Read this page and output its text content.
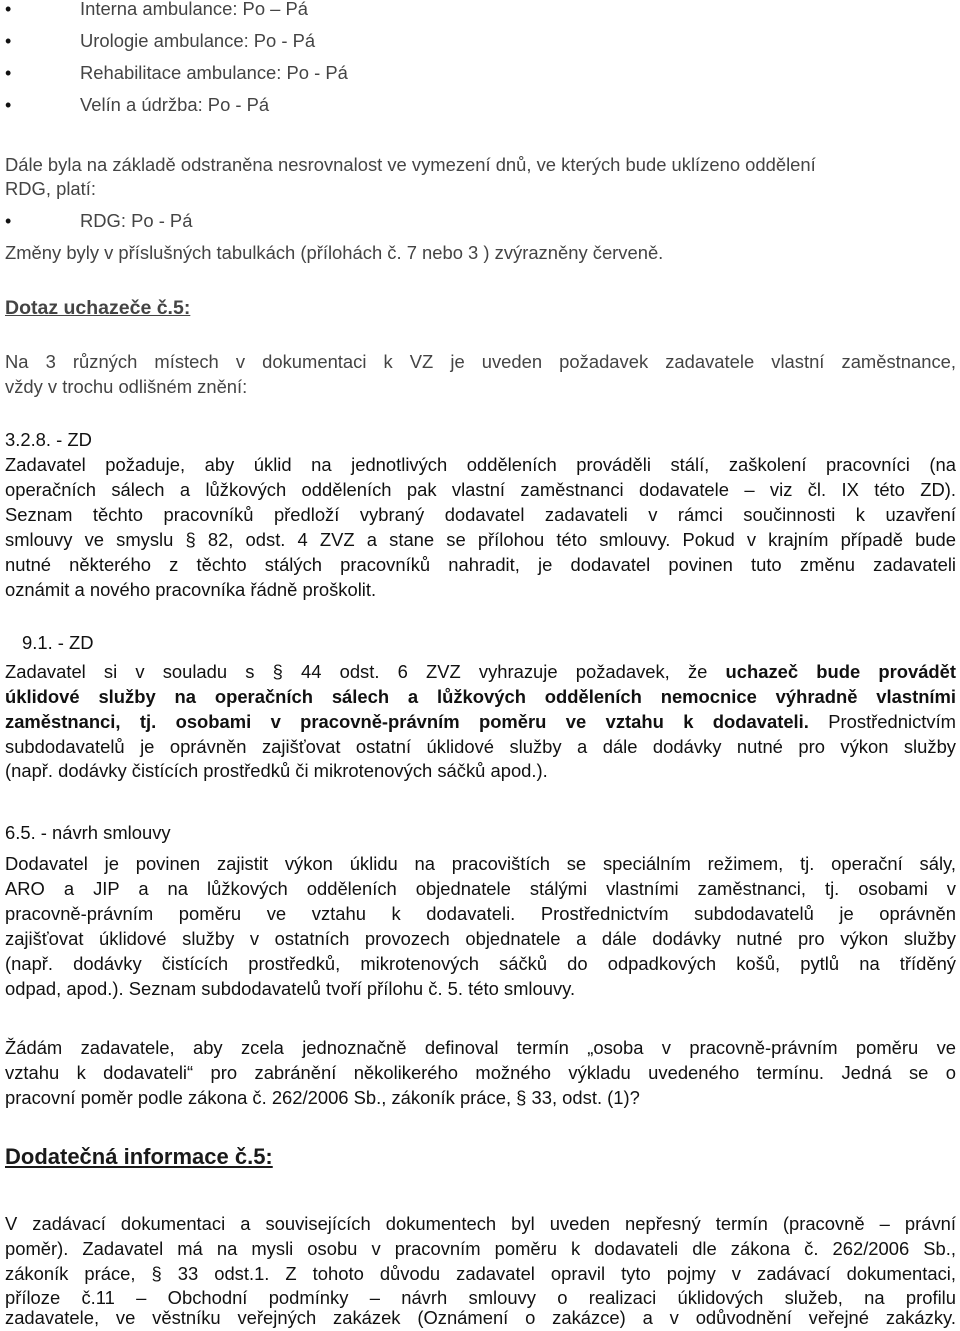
•	Interna ambulance: Po – Pá
•	Urologie ambulance: Po - Pá
•	Rehabilitace ambulance: Po - Pá
•	Velín a údržba: Po - Pá
Dále byla na základě odstraněna nesrovnalost ve vymezení dnů, ve kterých bude uklízeno oddělení
RDG, platí:
•	RDG: Po - Pá
Změny byly v příslušných tabulkách (přílohách č. 7 nebo 3 ) zvýrazněny červeně.
Dotaz uchazeče č.5:
Na 3 různých místech v dokumentaci k VZ je uveden požadavek zadavatele vlastní zaměstnance,
vždy v trochu odlišném znění:
3.2.8. - ZD
Zadavatel požaduje, aby úklid na jednotlivých odděleních prováděli stálí, zaškolení pracovníci (na
operačních sálech a lůžkových odděleních pak vlastní zaměstnanci dodavatele – viz čl. IX této ZD).
Seznam těchto pracovníků předloží vybraný dodavatel zadavateli v rámci součinnosti k uzavření
smlouvy ve smyslu § 82, odst. 4 ZVZ a stane se přílohou této smlouvy. Pokud v krajním případě bude
nutné některého z těchto stálých pracovníků nahradit, je dodavatel povinen tuto změnu zadavateli
oznámit a nového pracovníka řádně proškolit.
9.1. - ZD
Zadavatel si v souladu s § 44 odst. 6 ZVZ vyhrazuje požadavek, že uchazeč bude provádět
úklidové služby na operačních sálech a lůžkových odděleních nemocnice výhradně vlastními
zaměstnanci, tj. osobami v pracovně-právním poměru ve vztahu k dodavateli. Prostřednictvím
subdodavatelů je oprávněn zajišťovat ostatní úklidové služby a dále dodávky nutné pro výkon služby
(např. dodávky čistících prostředků či mikrotenových sáčků apod.).
6.5. - návrh smlouvy
Dodavatel je povinen zajistit výkon úklidu na pracovištích se speciálním režimem, tj. operační sály,
ARO a JIP a na lůžkových odděleních objednatele stálými vlastními zaměstnanci, tj. osobami v
pracovně-právním poměru ve vztahu k dodavateli. Prostřednictvím subdodavatelů je oprávněn
zajišťovat úklidové služby v ostatních provozech objednatele a dále dodávky nutné pro výkon služby
(např. dodávky čistících prostředků, mikrotenových sáčků do odpadkových košů, pytlů na tříděný
odpad, apod.). Seznam subdodavatelů tvoří přílohu č. 5. této smlouvy.
Žádám zadavatele, aby zcela jednoznačně definoval termín „osoba v pracovně-právním poměru ve
vztahu k dodavateli“ pro zabránění několikerého možného výkladu uvedeného termínu. Jedná se o
pracovní poměr podle zákona č. 262/2006 Sb., zákoník práce, § 33, odst. (1)?
Dodatečná informace č.5:
V zadávací dokumentaci a souvisejících dokumentech byl uveden nepřesný termín (pracovně – právní
poměr). Zadavatel má na mysli osobu v pracovním poměru k dodavateli dle zákona č. 262/2006 Sb.,
zákoník práce, § 33 odst.1. Z tohoto důvodu zadavatel opravil tyto pojmy v zadávací dokumentaci,
příloze č.11 – Obchodní podmínky – návrh smlouvy o realizaci úklidových služeb, na profilu
zadavatele, ve věstníku veřejných zakázek (Oznámení o zakázce) a v odůvodnění veřejné zakázky.
